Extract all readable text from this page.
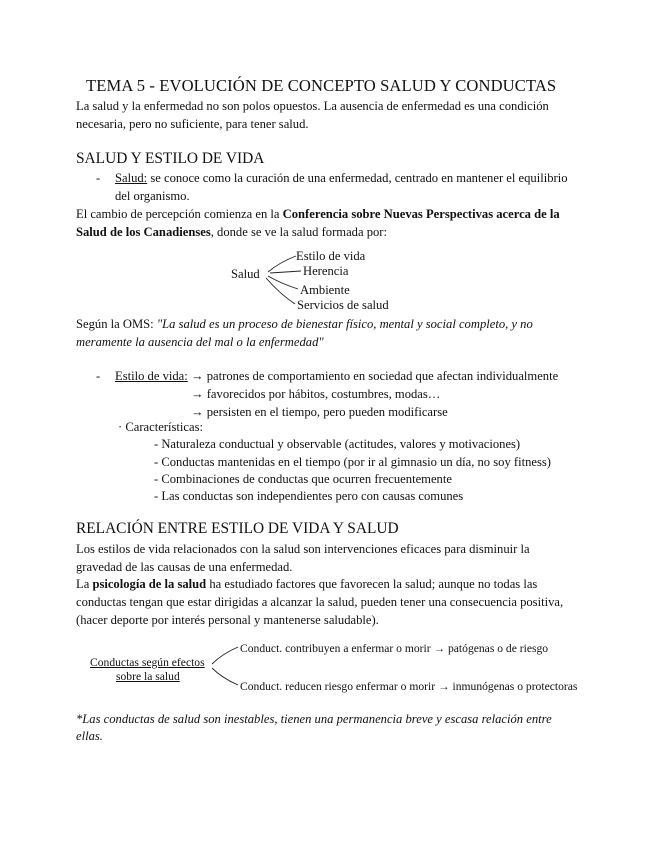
TEMA 5 - EVOLUCIÓN DE CONCEPTO SALUD Y CONDUCTAS
La salud y la enfermedad no son polos opuestos. La ausencia de enfermedad es una condición
necesaria, pero no suficiente, para tener salud.
SALUD Y ESTILO DE VIDA
- Salud: se conoce como la curación de una enfermedad, centrado en mantener el equilibrio
del organismo.
El cambio de percepción comienza en la Conferencia sobre Nuevas Perspectivas acerca de la
Salud de los Canadienses, donde se ve la salud formada por:
Salud
Estilo de vida
Herencia
Ambiente
Servicios de salud
Según la OMS: "La salud es un proceso de bienestar físico, mental y social completo, y no
meramente la ausencia del mal o la enfermedad"
- Estilo de vida: → patrones de comportamiento en sociedad que afectan individualmente
→ favorecidos por hábitos, costumbres, modas…
→ persisten en el tiempo, pero pueden modificarse
· Características:
- Naturaleza conductual y observable (actitudes, valores y motivaciones)
- Conductas mantenidas en el tiempo (por ir al gimnasio un día, no soy fitness)
- Combinaciones de conductas que ocurren frecuentemente
- Las conductas son independientes pero con causas comunes
RELACIÓN ENTRE ESTILO DE VIDA Y SALUD
Los estilos de vida relacionados con la salud son intervenciones eficaces para disminuir la
gravedad de las causas de una enfermedad.
La psicología de la salud ha estudiado factores que favorecen la salud; aunque no todas las
conductas tengan que estar dirigidas a alcanzar la salud, pueden tener una consecuencia positiva,
(hacer deporte por interés personal y mantenerse saludable).
Conductas según efectos
sobre la salud
Conduct. contribuyen a enfermar o morir → patógenas o de riesgo
Conduct. reducen riesgo enfermar o morir → inmunógenas o protectoras
*Las conductas de salud son inestables, tienen una permanencia breve y escasa relación entre
ellas.
